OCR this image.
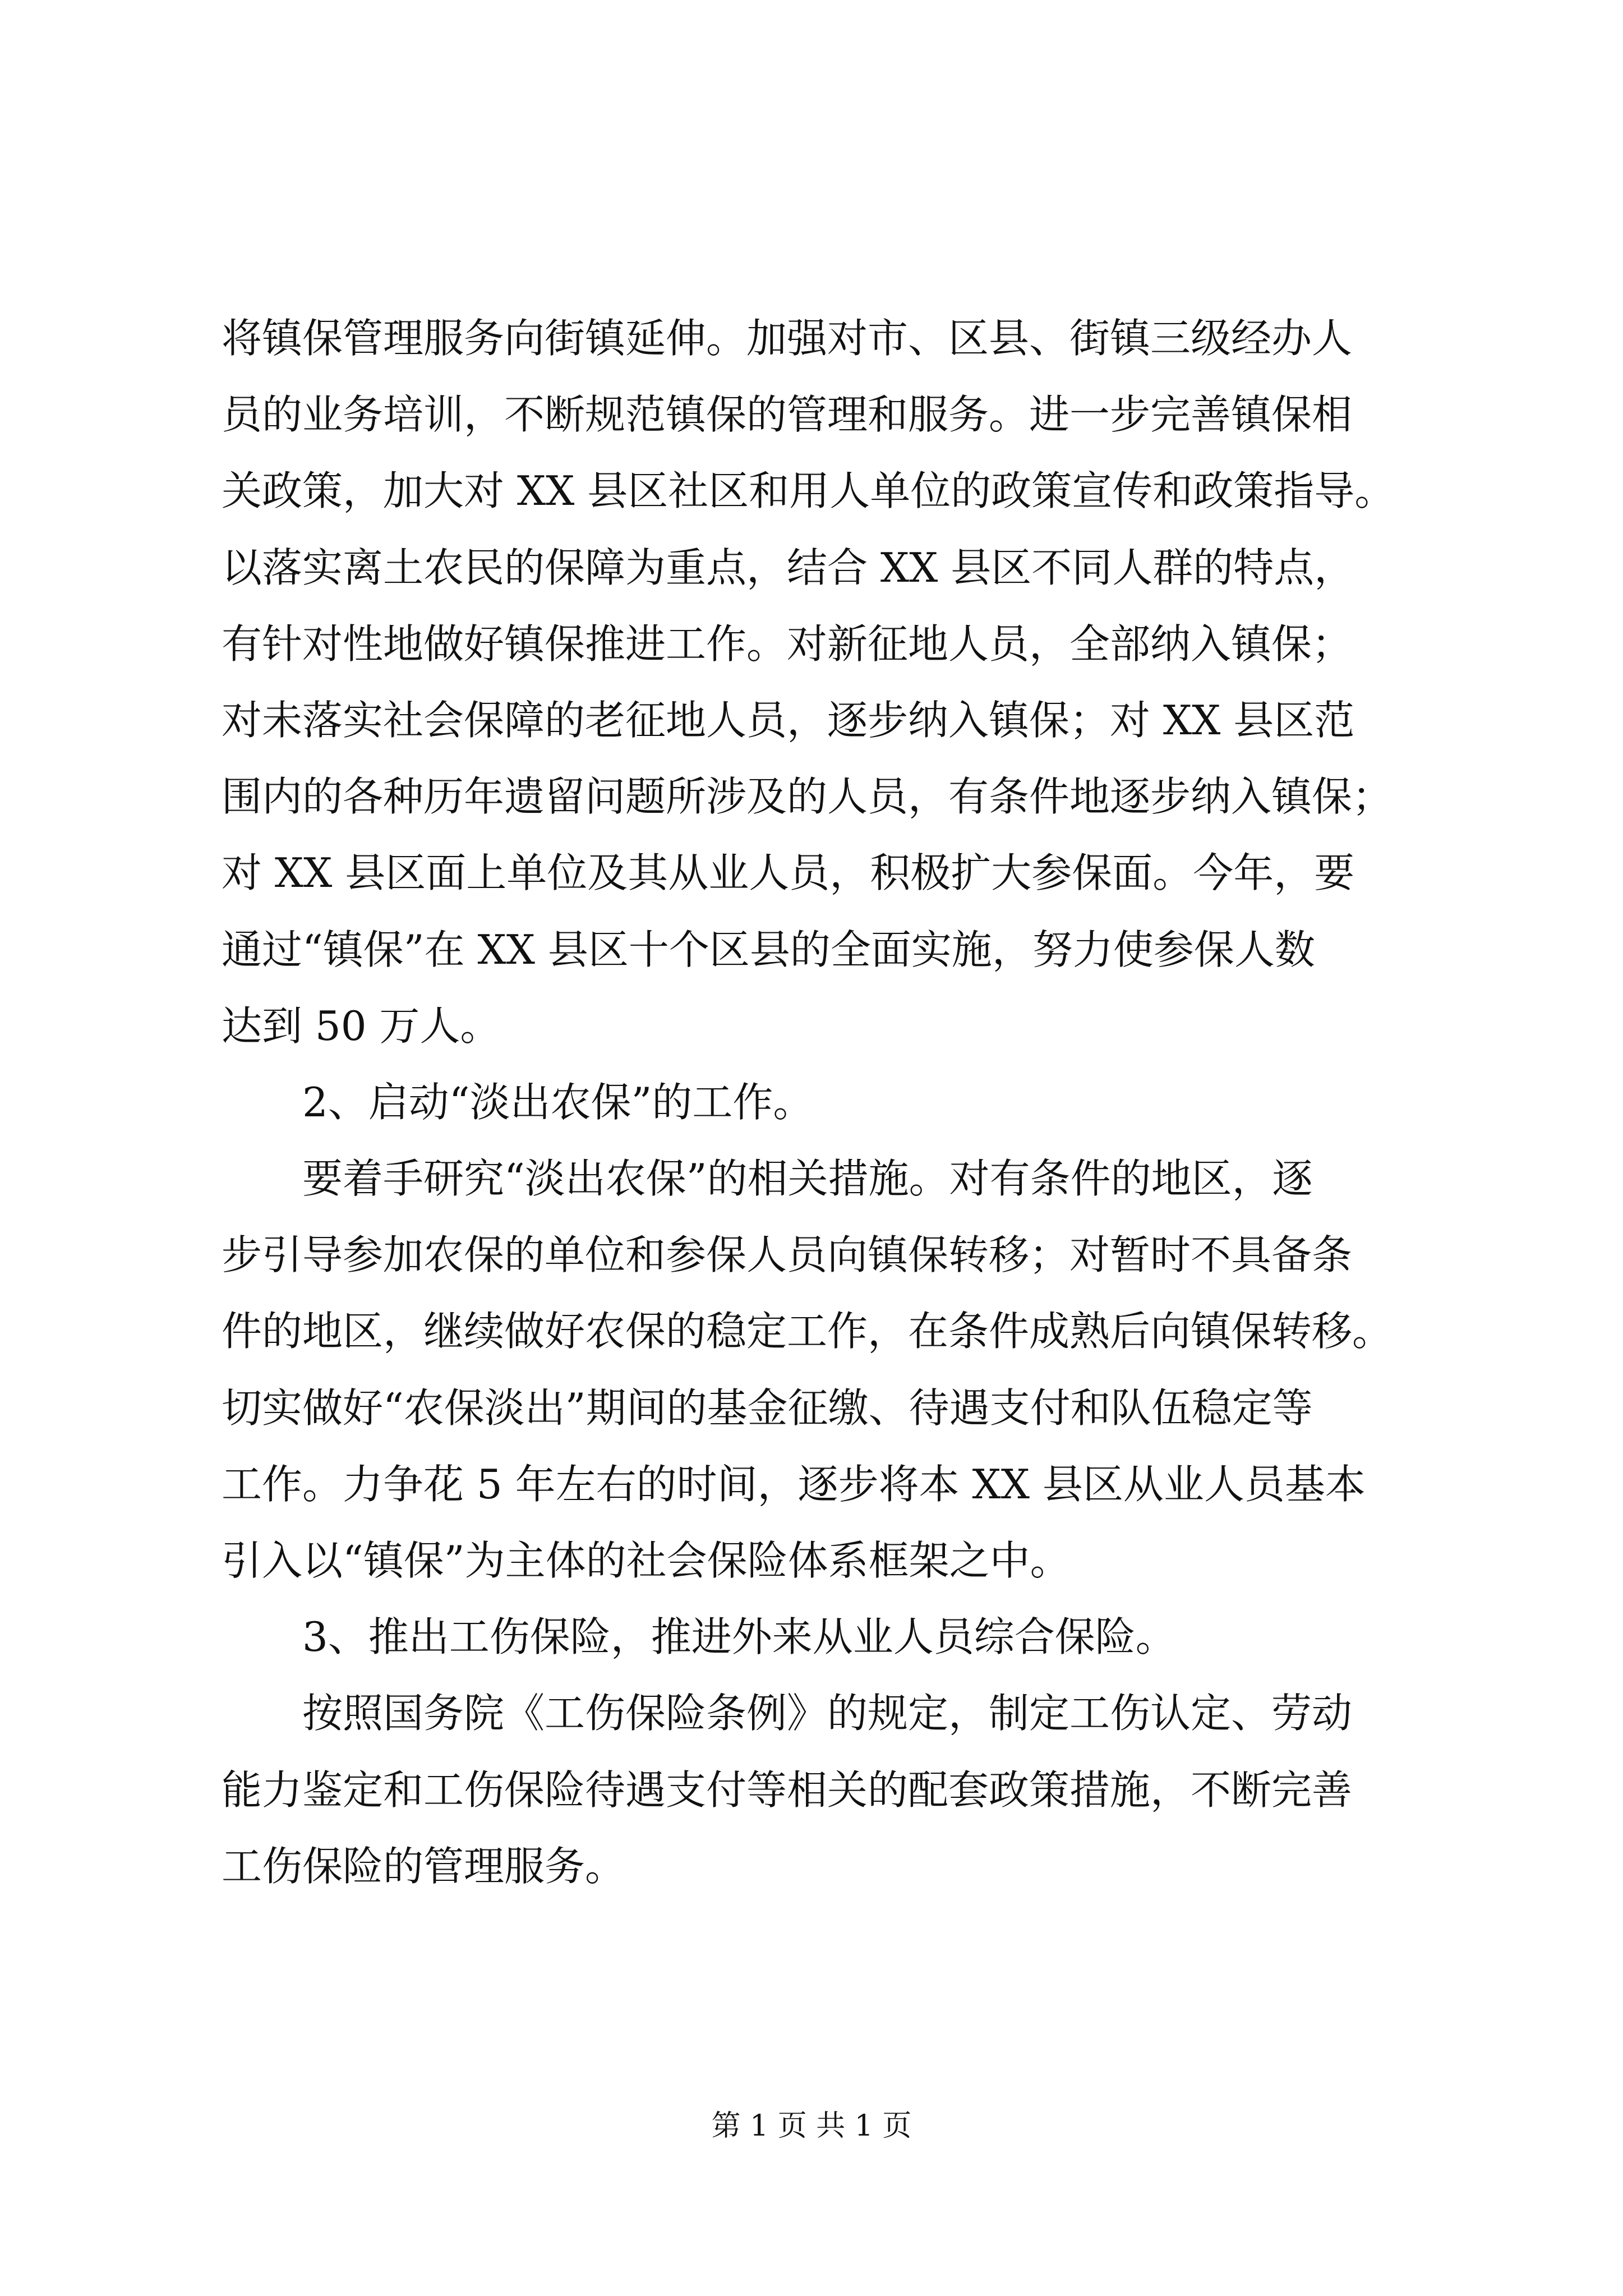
将镇保管理服务向街镇延伸。加强对市、区县、街镇三级经办人
员的业务培训，不断规范镇保的管理和服务。进一步完善镇保相
关政策，加大对 XX 县区社区和用人单位的政策宣传和政策指导。
以落实离土农民的保障为重点，结合 XX 县区不同人群的特点，
有针对性地做好镇保推进工作。对新征地人员，全部纳入镇保；
对未落实社会保障的老征地人员，逐步纳入镇保；对 XX 县区范
围内的各种历年遗留问题所涉及的人员，有条件地逐步纳入镇保；
对 XX 县区面上单位及其从业人员，积极扩大参保面。今年，要
通过“镇保”在 XX 县区十个区县的全面实施，努力使参保人数
达到 50 万人。
2、启动“淡出农保”的工作。
要着手研究“淡出农保”的相关措施。对有条件的地区，逐
步引导参加农保的单位和参保人员向镇保转移；对暂时不具备条
件的地区，继续做好农保的稳定工作，在条件成熟后向镇保转移。
切实做好“农保淡出”期间的基金征缴、待遇支付和队伍稳定等
工作。力争花 5 年左右的时间，逐步将本 XX 县区从业人员基本
引入以“镇保”为主体的社会保险体系框架之中。
3、推出工伤保险，推进外来从业人员综合保险。
按照国务院《工伤保险条例》的规定，制定工伤认定、劳动
能力鉴定和工伤保险待遇支付等相关的配套政策措施，不断完善
工伤保险的管理服务。
第 1 页 共 1 页
